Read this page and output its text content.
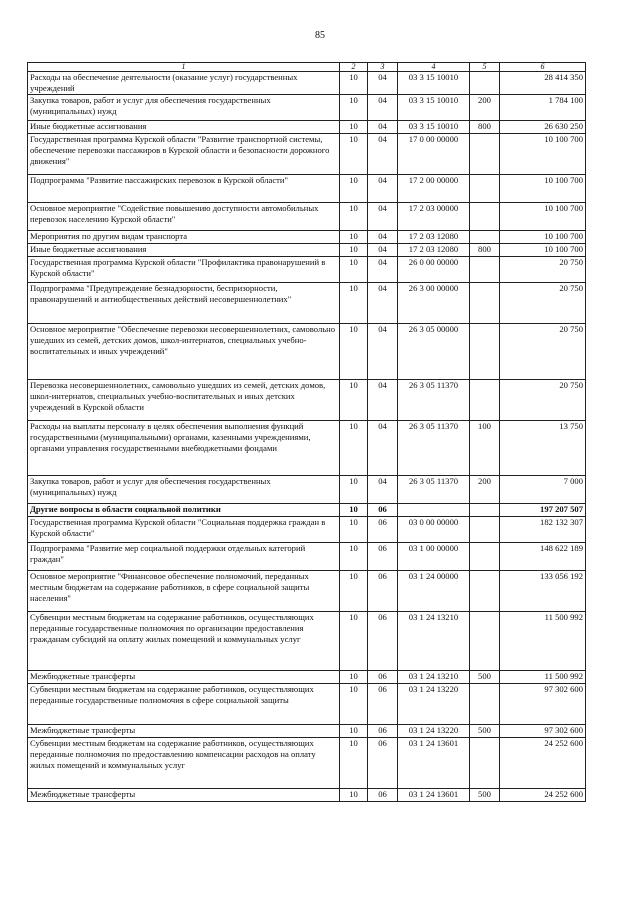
85
1	2	3	4	5	6
Расходы на обеспечение деятельности (оказание услуг) государственных учреждений	10	04	03 3 15 10010		28 414 350
Закупка товаров, работ и услуг для обеспечения государственных (муниципальных) нужд	10	04	03 3 15 10010	200	1 784 100
Иные бюджетные ассигнования	10	04	03 3 15 10010	800	26 630 250
Государственная программа Курской области "Развитие транспортной системы, обеспечение перевозки пассажиров в Курской области и безопасности дорожного движения"	10	04	17 0 00 00000		10 100 700
Подпрограмма "Развитие пассажирских перевозок в Курской области"	10	04	17 2 00 00000		10 100 700
Основное мероприятие "Содействие повышению доступности автомобильных перевозок населению Курской области"	10	04	17 2 03 00000		10 100 700
Мероприятия по другим видам транспорта	10	04	17 2 03 12080		10 100 700
Иные бюджетные ассигнования	10	04	17 2 03 12080	800	10 100 700
Государственная программа Курской области "Профилактика правонарушений в Курской области"	10	04	26 0 00 00000		20 750
Подпрограмма "Предупреждение безнадзорности, беспризорности, правонарушений и антиобщественных действий несовершеннолетних"	10	04	26 3 00 00000		20 750
Основное мероприятие "Обеспечение перевозки несовершеннолетних, самовольно ушедших из семей, детских домов, школ-интернатов, специальных учебно-воспитательных и иных учреждений"	10	04	26 3 05 00000		20 750
Перевозка несовершеннолетних, самовольно ушедших из семей, детских домов, школ-интернатов, специальных учебно-воспитательных и иных детских учреждений в Курской области	10	04	26 3 05 11370		20 750
Расходы на выплаты персоналу в целях обеспечения выполнения функций государственными (муниципальными) органами, казенными учреждениями, органами управления государственными внебюджетными фондами	10	04	26 3 05 11370	100	13 750
Закупка товаров, работ и услуг для обеспечения государственных (муниципальных) нужд	10	04	26 3 05 11370	200	7 000
Другие вопросы в области социальной политики	10	06			197 207 507
Государственная программа Курской области "Социальная поддержка граждан в Курской области"	10	06	03 0 00 00000		182 132 307
Подпрограмма "Развитие мер социальной поддержки отдельных категорий граждан"	10	06	03 1 00 00000		148 622 189
Основное мероприятие "Финансовое обеспечение полномочий, переданных местным бюджетам на содержание работников, в сфере социальной защиты населения"	10	06	03 1 24 00000		133 056 192
Субвенции местным бюджетам на содержание работников, осуществляющих переданные государственные полномочия по организации предоставления гражданам субсидий на оплату жилых помещений и коммунальных услуг	10	06	03 1 24 13210		11 500 992
Межбюджетные трансферты	10	06	03 1 24 13210	500	11 500 992
Субвенции местным бюджетам на содержание работников, осуществляющих переданные государственные полномочия в сфере социальной защиты	10	06	03 1 24 13220		97 302 600
Межбюджетные трансферты	10	06	03 1 24 13220	500	97 302 600
Субвенции местным бюджетам на содержание работников, осуществляющих переданные полномочия по предоставлению компенсации расходов на оплату жилых помещений и коммунальных услуг	10	06	03 1 24 13601		24 252 600
Межбюджетные трансферты	10	06	03 1 24 13601	500	24 252 600
